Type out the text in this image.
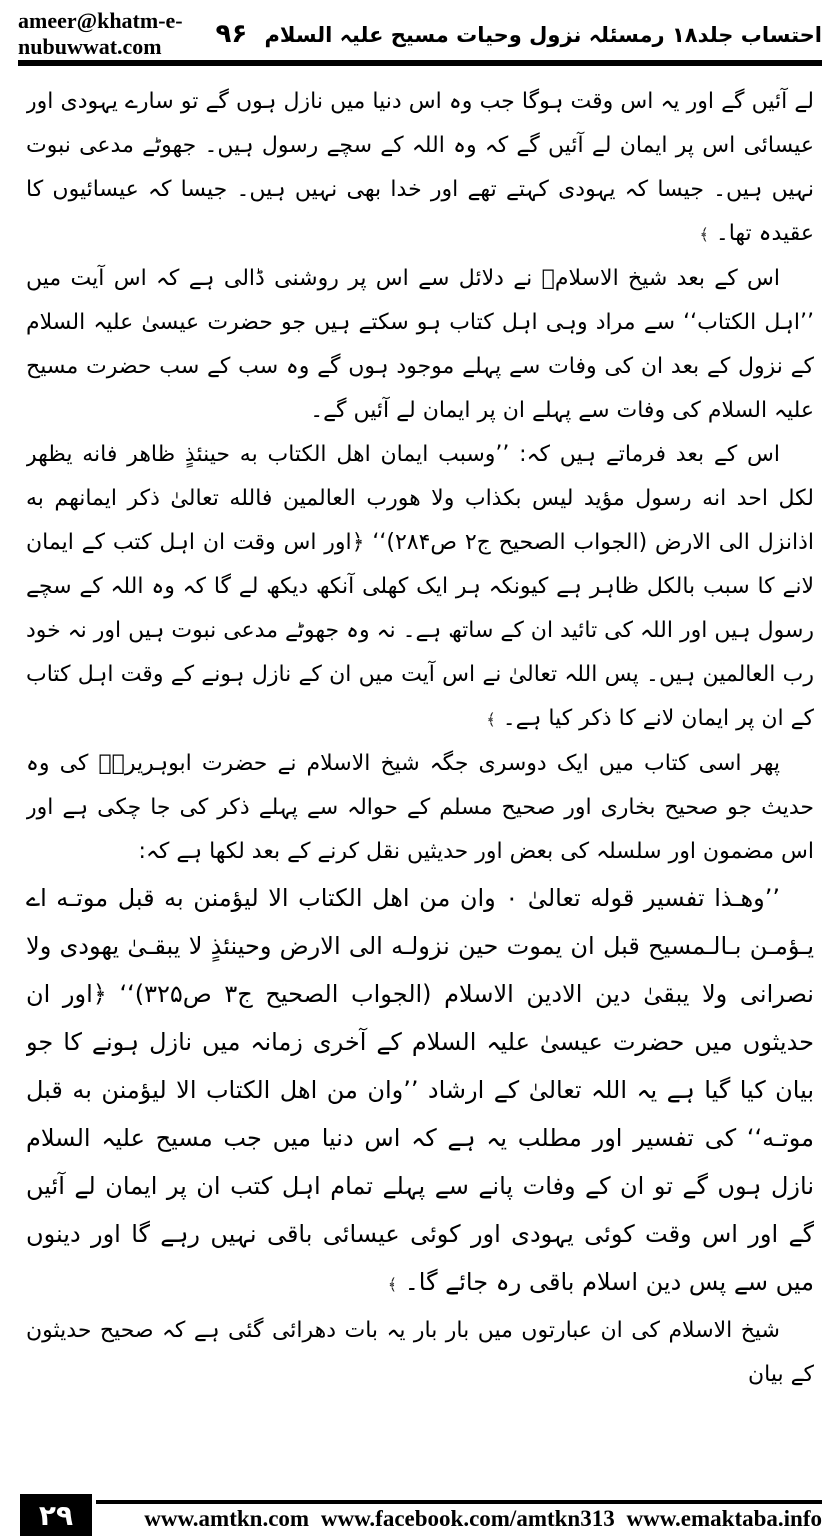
ameer@khatm-e-nubuwwat.com	احتساب جلد۱۸ رمسئلہ نزول وحیات مسیح علیہ السلام ۹۶

لے آئیں گے اور یہ اس وقت ہوگا جب وہ اس دنیا میں نازل ہوں گے تو سارے یہودی اور عیسائی اس پر ایمان لے آئیں گے کہ وہ اللہ کے سچے رسول ہیں۔ جھوٹے مدعی نبوت نہیں ہیں۔ جیسا کہ یہودی کہتے تھے اور خدا بھی نہیں ہیں۔ جیسا کہ عیسائیوں کا عقیدہ تھا۔ ﴾

اس کے بعد شیخ الاسلامؒ نے دلائل سے اس پر روشنی ڈالی ہے کہ اس آیت میں ’’اہل الکتاب‘‘ سے مراد وہی اہل کتاب ہو سکتے ہیں جو حضرت عیسیٰ علیہ السلام کے نزول کے بعد ان کی وفات سے پہلے موجود ہوں گے وہ سب کے سب حضرت مسیح علیہ السلام کی وفات سے پہلے ان پر ایمان لے آئیں گے۔

اس کے بعد فرماتے ہیں کہ: ’’وسبب ایمان اهل الكتاب به حينئذٍ ظاهر فانه يظهر لكل احد انه رسول مؤيد ليس بكذاب ولا هورب العالمين فالله تعالىٰ ذكر ايمانهم به اذانزل الى الارض (الجواب الصحيح ج۲ ص۲۸۴)‘‘ ﴿اور اس وقت ان اہل کتب کے ایمان لانے کا سبب بالکل ظاہر ہے کیونکہ ہر ایک کھلی آنکھ دیکھ لے گا کہ وہ اللہ کے سچے رسول ہیں اور اللہ کی تائید ان کے ساتھ ہے۔ نہ وہ جھوٹے مدعی نبوت ہیں اور نہ خود رب العالمین ہیں۔ پس اللہ تعالیٰ نے اس آیت میں ان کے نازل ہونے کے وقت اہل کتاب کے ان پر ایمان لانے کا ذکر کیا ہے۔ ﴾

پھر اسی کتاب میں ایک دوسری جگہ شیخ الاسلام نے حضرت ابوہریرہؓ کی وہ حدیث جو صحیح بخاری اور صحیح مسلم کے حوالہ سے پہلے ذکر کی جا چکی ہے اور اس مضمون اور سلسلہ کی بعض اور حدیثیں نقل کرنے کے بعد لکھا ہے کہ:

’’وهـذا تفسير قوله تعالىٰ ۰ وان من اهل الكتاب الا ليؤمنن به قبل موتـه اے يـؤمـن بـالـمسيح قبل ان يموت حين نزولـه الى الارض وحينئذٍ لا يبقـىٰ يهودى ولا نصرانى ولا يبقىٰ دين الادين الاسلام (الجواب الصحيح ج۳ ص۳۲۵)‘‘ ﴿اور ان حدیثوں میں حضرت عیسیٰ علیہ السلام کے آخری زمانہ میں نازل ہونے کا جو بیان کیا گیا ہے یہ اللہ تعالیٰ کے ارشاد ’’وان من اهل الكتاب الا ليؤمنن به قبل موتـه‘‘ کی تفسیر اور مطلب یہ ہے کہ اس دنیا میں جب مسیح علیہ السلام نازل ہوں گے تو ان کے وفات پانے سے پہلے تمام اہل کتب ان پر ایمان لے آئیں گے اور اس وقت کوئی یہودی اور کوئی عیسائی باقی نہیں رہے گا اور دینوں میں سے پس دین اسلام باقی رہ جائے گا۔ ﴾

شیخ الاسلام کی ان عبارتوں میں بار بار یہ بات دھرائی گئی ہے کہ صحیح حدیثون کے بیان

۲۹	www.amtkn.com www.facebook.com/amtkn313 www.emaktaba.info
